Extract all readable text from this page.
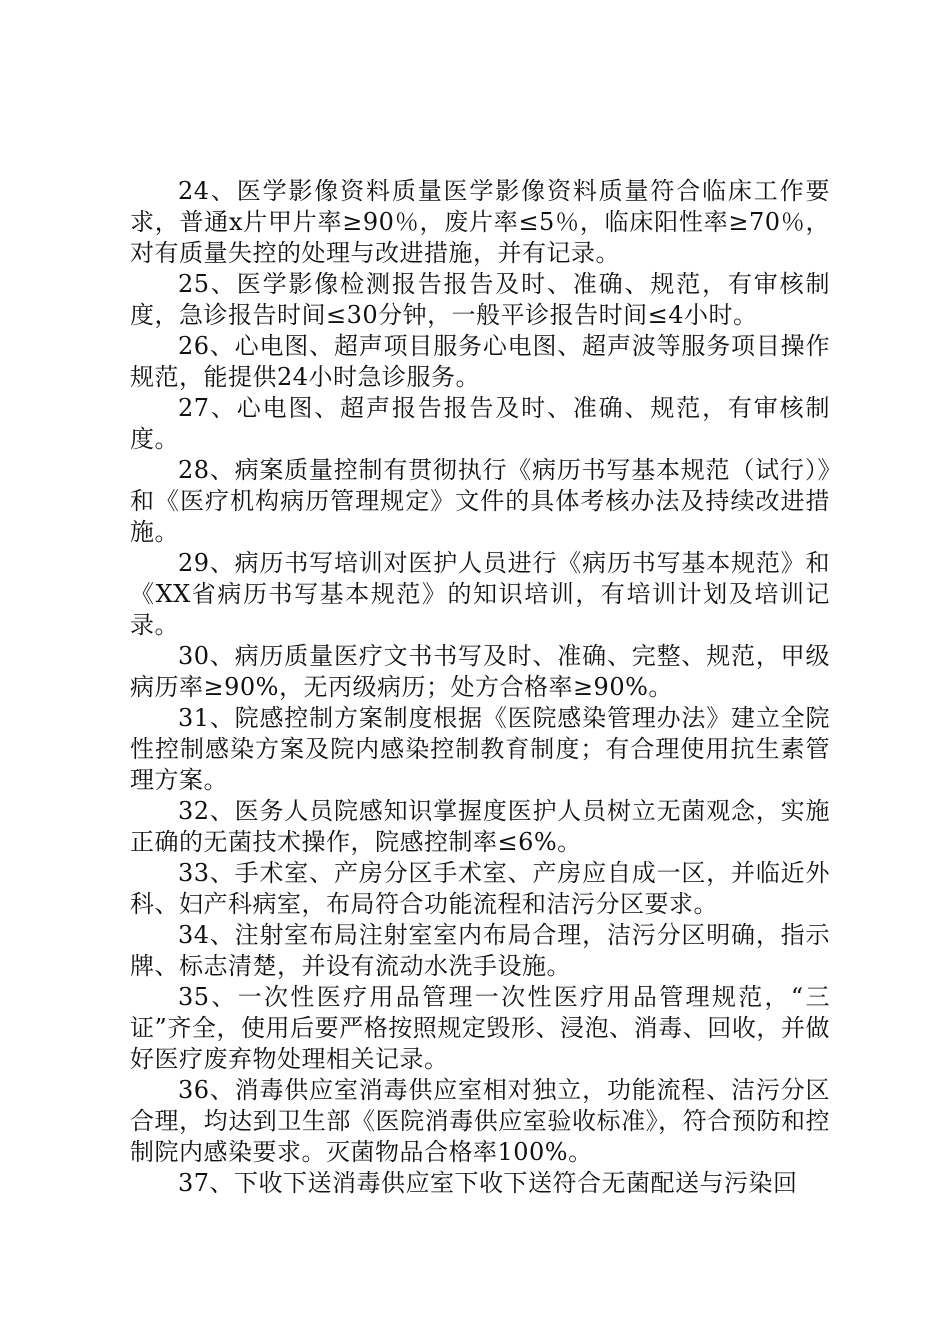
24、医学影像资料质量医学影像资料质量符合临床工作要求，普通x片甲片率≥90％，废片率≤5％，临床阳性率≥70％，对有质量失控的处理与改进措施，并有记录。

25、医学影像检测报告报告及时、准确、规范，有审核制度，急诊报告时间≤30分钟，一般平诊报告时间≤4小时。

26、心电图、超声项目服务心电图、超声波等服务项目操作规范，能提供24小时急诊服务。

27、心电图、超声报告报告及时、准确、规范，有审核制度。

28、病案质量控制有贯彻执行《病历书写基本规范（试行）》和《医疗机构病历管理规定》文件的具体考核办法及持续改进措施。

29、病历书写培训对医护人员进行《病历书写基本规范》和《XX省病历书写基本规范》的知识培训，有培训计划及培训记录。

30、病历质量医疗文书书写及时、准确、完整、规范，甲级病历率≥90%，无丙级病历；处方合格率≥90%。

31、院感控制方案制度根据《医院感染管理办法》建立全院性控制感染方案及院内感染控制教育制度；有合理使用抗生素管理方案。

32、医务人员院感知识掌握度医护人员树立无菌观念，实施正确的无菌技术操作，院感控制率≤6%。

33、手术室、产房分区手术室、产房应自成一区，并临近外科、妇产科病室，布局符合功能流程和洁污分区要求。

34、注射室布局注射室室内布局合理，洁污分区明确，指示牌、标志清楚，并设有流动水洗手设施。

35、一次性医疗用品管理一次性医疗用品管理规范，“三证”齐全，使用后要严格按照规定毁形、浸泡、消毒、回收，并做好医疗废弃物处理相关记录。

36、消毒供应室消毒供应室相对独立，功能流程、洁污分区合理，均达到卫生部《医院消毒供应室验收标准》，符合预防和控制院内感染要求。灭菌物品合格率100%。

37、下收下送消毒供应室下收下送符合无菌配送与污染回
